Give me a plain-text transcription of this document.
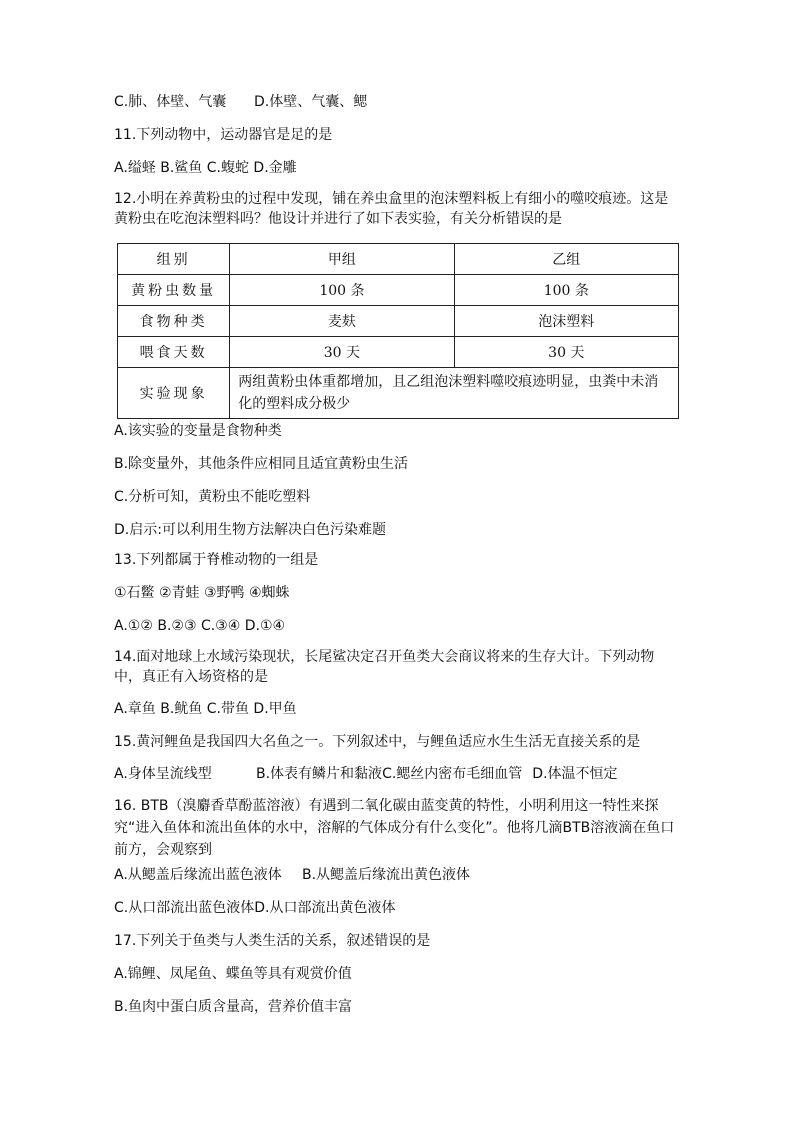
C.肺、体壁、气囊 D.体壁、气囊、鳃
11.下列动物中，运动器官是足的是
A.缢蛏 B.鲨鱼 C.蝮蛇 D.金雕
12.小明在养黄粉虫的过程中发现，铺在养虫盒里的泡沫塑料板上有细小的噬咬痕迹。这是黄粉虫在吃泡沫塑料吗？他设计并进行了如下表实验，有关分析错误的是
组别	甲组	乙组
黄粉虫数量	100 条	100 条
食物种类	麦麸	泡沫塑料
喂食天数	30 天	30 天
实验现象	两组黄粉虫体重都增加，且乙组泡沫塑料噬咬痕迹明显，虫粪中未消化的塑料成分极少	
A.该实验的变量是食物种类
B.除变量外，其他条件应相同且适宜黄粉虫生活
C.分析可知，黄粉虫不能吃塑料
D.启示:可以利用生物方法解决白色污染难题
13.下列都属于脊椎动物的一组是
①石鳖 ②青蛙 ③野鸭 ④蜘蛛
A.①② B.②③ C.③④ D.①④
14.面对地球上水域污染现状，长尾鲨决定召开鱼类大会商议将来的生存大计。下列动物中，真正有入场资格的是
A.章鱼 B.鱿鱼 C.带鱼 D.甲鱼
15.黄河鲤鱼是我国四大名鱼之一。下列叙述中，与鲤鱼适应水生生活无直接关系的是
A.身体呈流线型	B.体表有鳞片和黏液C.鳃丝内密布毛细血管 D.体温不恒定
16. BTB（溴麝香草酚蓝溶液）有遇到二氧化碳由蓝变黄的特性，小明利用这一特性来探究“进入鱼体和流出鱼体的水中，溶解的气体成分有什么变化”。他将几滴BTB溶液滴在鱼口前方，会观察到
A.从鳃盖后缘流出蓝色液体 B.从鳃盖后缘流出黄色液体
C.从口部流出蓝色液体D.从口部流出黄色液体
17.下列关于鱼类与人类生活的关系，叙述错误的是
A.锦鲤、凤尾鱼、蝶鱼等具有观赏价值
B.鱼肉中蛋白质含量高，营养价值丰富
